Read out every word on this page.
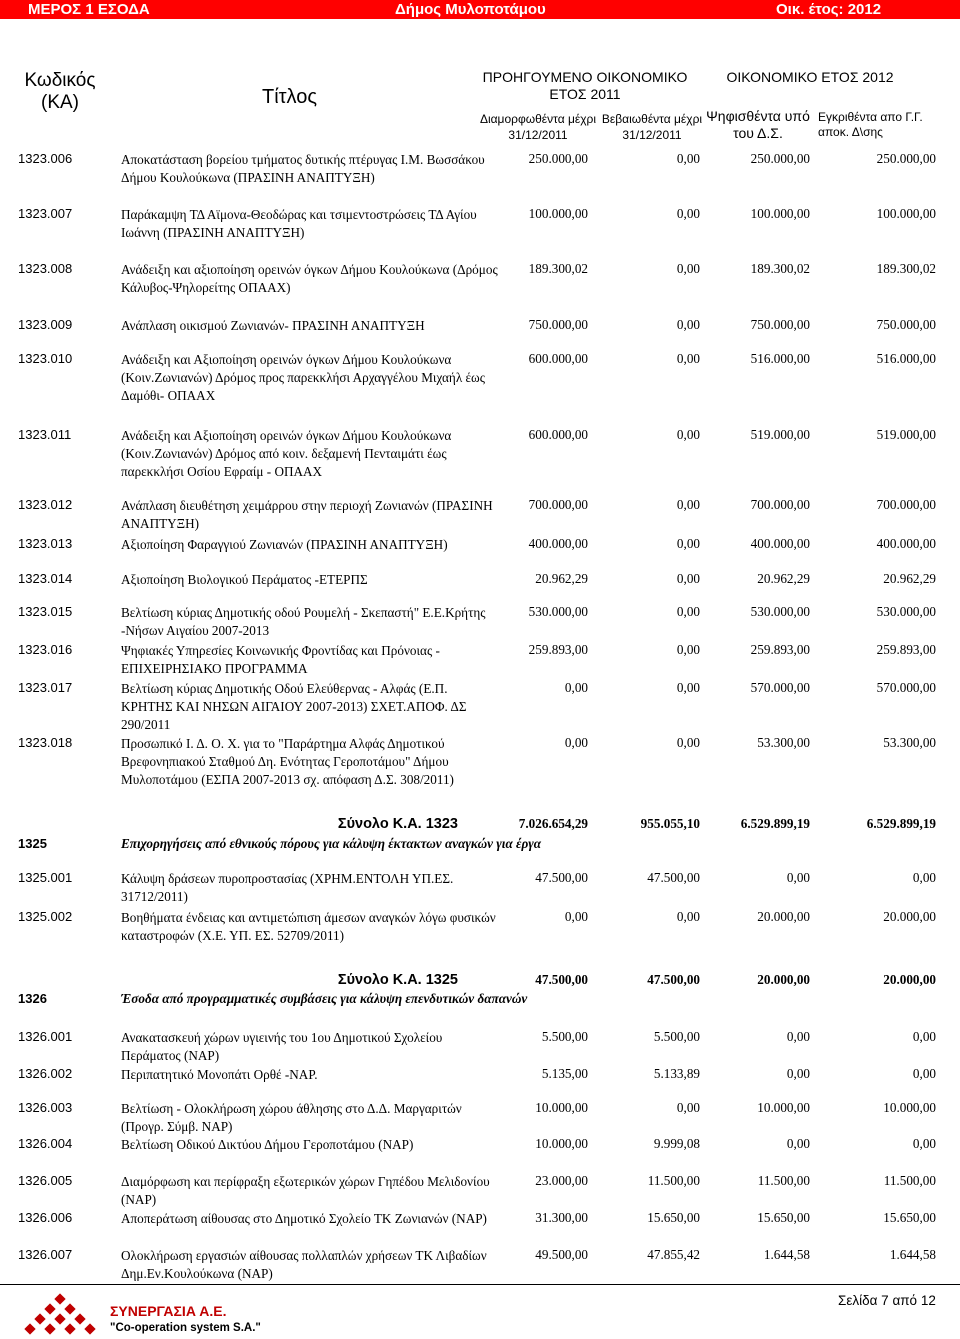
ΜΕΡΟΣ 1 ΕΣΟΔΑ	Δήμος Μυλοποτάμου	Οικ. έτος: 2012
Κωδικός (ΚΑ)	Τίτλος
ΠΡΟΗΓΟΥΜΕΝΟ ΟΙΚΟΝΟΜΙΚΟ ΕΤΟΣ 2011
ΟΙΚΟΝΟΜΙΚΟ ΕΤΟΣ 2012
Διαμορφωθέντα μέχρι 31/12/2011
Βεβαιωθέντα μέχρι 31/12/2011
Ψηφισθέντα υπό του Δ.Σ.
Εγκριθέντα απο Γ.Γ. αποκ. Δ\σης
1323.006	Αποκατάσταση βορείου τμήματος δυτικής πτέρυγας Ι.Μ. Βωσσάκου Δήμου Κουλούκωνα (ΠΡΑΣΙΝΗ ΑΝΑΠΤΥΞΗ)
250.000,00	0,00	250.000,00	250.000,00
1323.007	Παράκαμψη ΤΔ Αϊμονα-Θεοδώρας και τσιμεντοστρώσεις ΤΔ Αγίου Ιωάννη (ΠΡΑΣΙΝΗ ΑΝΑΠΤΥΞΗ)
100.000,00	0,00	100.000,00	100.000,00
1323.008	Ανάδειξη και αξιοποίηση ορεινών όγκων Δήμου Κουλούκωνα (Δρόμος Κάλυβος-Ψηλορείτης ΟΠΑΑΧ)
189.300,02	0,00	189.300,02	189.300,02
1323.009	Ανάπλαση οικισμού Ζωνιανών- ΠΡΑΣΙΝΗ ΑΝΑΠΤΥΞΗ	750.000,00	0,00	750.000,00	750.000,00
1323.010	Ανάδειξη και Αξιοποίηση ορεινών όγκων Δήμου Κουλούκωνα (Κοιν.Ζωνιανών) Δρόμος προς παρεκκλήσι Αρχαγγέλου Μιχαήλ έως Δαμόθι- ΟΠΑΑΧ
600.000,00	0,00	516.000,00	516.000,00
1323.011	Ανάδειξη και Αξιοποίηση ορεινών όγκων Δήμου Κουλούκωνα (Κοιν.Ζωνιανών) Δρόμος από κοιν. δεξαμενή Πενταιμάτι έως παρεκκλήσι Οσίου Εφραίμ - ΟΠΑΑΧ
600.000,00	0,00	519.000,00	519.000,00
1323.012	Ανάπλαση διευθέτηση χειμάρρου στην περιοχή Ζωνιανών (ΠΡΑΣΙΝΗ ΑΝΑΠΤΥΞΗ)
700.000,00	0,00	700.000,00	700.000,00
1323.013	Αξιοποίηση Φαραγγιού Ζωνιανών (ΠΡΑΣΙΝΗ ΑΝΑΠΤΥΞΗ)	400.000,00	0,00	400.000,00	400.000,00
1323.014	Αξιοποίηση Βιολογικού Περάματος -ΕΤΕΡΠΣ	20.962,29	0,00	20.962,29	20.962,29
1323.015	Βελτίωση κύριας Δημοτικής οδού Ρουμελή - Σκεπαστή" Ε.Ε.Κρήτης -Νήσων Αιγαίου 2007-2013
530.000,00	0,00	530.000,00	530.000,00
1323.016	Ψηφιακές Υπηρεσίες Κοινωνικής Φροντίδας και Πρόνοιας - ΕΠΙΧΕΙΡΗΣΙΑΚΟ ΠΡΟΓΡΑΜΜΑ
259.893,00	0,00	259.893,00	259.893,00
1323.017	Βελτίωση κύριας Δημοτικής Οδού Ελεύθερνας - Αλφάς (Ε.Π. ΚΡΗΤΗΣ ΚΑΙ ΝΗΣΩΝ ΑΙΓΑΙΟΥ 2007-2013) ΣΧΕΤ.ΑΠΟΦ. ΔΣ 290/2011
0,00	0,00	570.000,00	570.000,00
1323.018	Προσωπικό Ι. Δ. Ο. Χ. για το "Παράρτημα Αλφάς Δημοτικού Βρεφονηπιακού Σταθμού Δη. Ενότητας Γεροποτάμου" Δήμου Μυλοποτάμου (ΕΣΠΑ 2007-2013 σχ. απόφαση Δ.Σ. 308/2011)
0,00	0,00	53.300,00	53.300,00
Σύνολο Κ.Α. 1323	7.026.654,29	955.055,10	6.529.899,19	6.529.899,19
1325	Επιχορηγήσεις από εθνικούς πόρους για κάλυψη έκτακτων αναγκών για έργα
1325.001	Κάλυψη δράσεων πυροπροστασίας (ΧΡΗΜ.ΕΝΤΟΛΗ ΥΠ.ΕΣ. 31712/2011)
47.500,00	47.500,00	0,00	0,00
1325.002	Βοηθήματα ένδειας και αντιμετώπιση άμεσων αναγκών λόγω φυσικών καταστροφών (Χ.Ε. ΥΠ. ΕΣ. 52709/2011)
0,00	0,00	20.000,00	20.000,00
Σύνολο Κ.Α. 1325	47.500,00	47.500,00	20.000,00	20.000,00
1326	Έσοδα από προγραμματικές συμβάσεις για κάλυψη επενδυτικών δαπανών
1326.001	Ανακατασκευή χώρων υγιεινής του 1ου Δημοτικού Σχολείου Περάματος (ΝΑΡ)
5.500,00	5.500,00	0,00	0,00
1326.002	Περιπατητικό Μονοπάτι Ορθέ -ΝΑΡ.	5.135,00	5.133,89	0,00	0,00
1326.003	Βελτίωση - Ολοκλήρωση χώρου άθλησης στο Δ.Δ. Μαργαριτών (Προγρ. Σύμβ. ΝΑΡ)
10.000,00	0,00	10.000,00	10.000,00
1326.004	Βελτίωση Οδικού Δικτύου Δήμου Γεροποτάμου (ΝΑΡ)	10.000,00	9.999,08	0,00	0,00
1326.005	Διαμόρφωση και περίφραξη εξωτερικών χώρων Γηπέδου Μελιδονίου (ΝΑΡ)
23.000,00	11.500,00	11.500,00	11.500,00
1326.006	Αποπεράτωση αίθουσας στο Δημοτικό Σχολείο ΤΚ Ζωνιανών (ΝΑΡ)	31.300,00	15.650,00	15.650,00	15.650,00
1326.007	Ολοκλήρωση εργασιών αίθουσας πολλαπλών χρήσεων ΤΚ Λιβαδίων Δημ.Εν.Κουλούκωνα (ΝΑΡ)
49.500,00	47.855,42	1.644,58	1.644,58
ΣΥΝΕΡΓΑΣΙΑ Α.Ε.
"Co-operation system S.A."
Σελίδα 7 από 12
